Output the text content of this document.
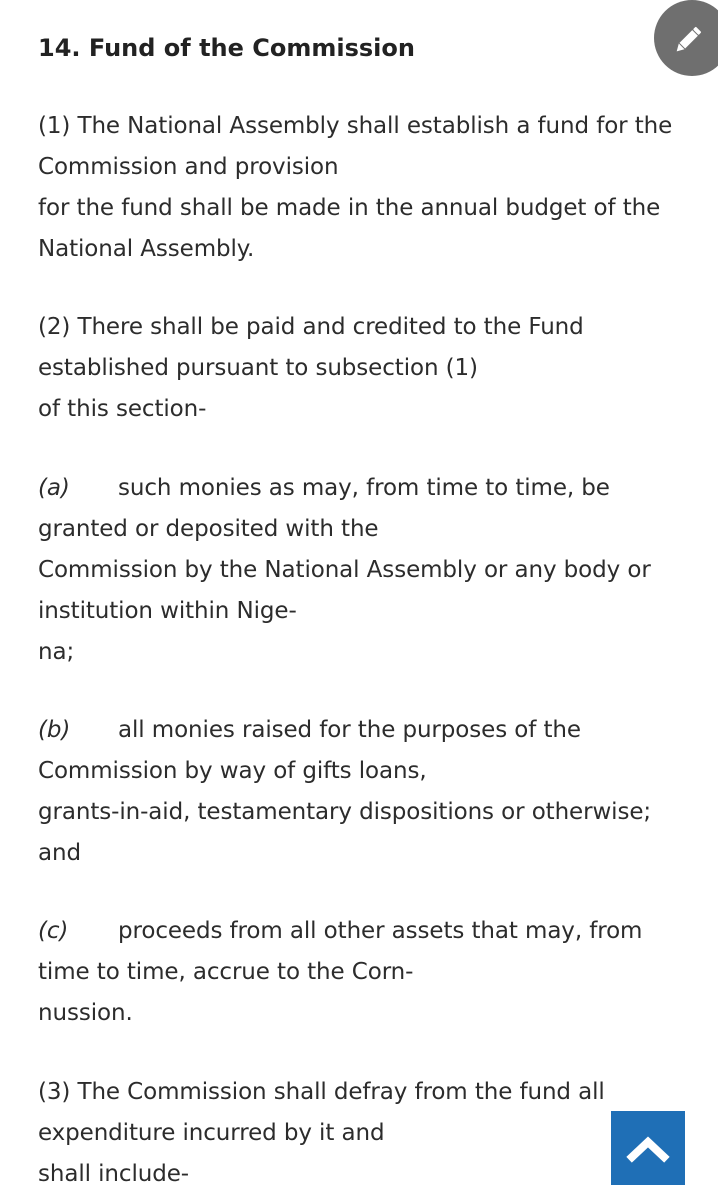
14. Fund of the Commission
(1) The National Assembly shall establish a fund for the
Commission and provision
for the fund shall be made in the annual budget of the
National Assembly.
(2) There shall be paid and credited to the Fund
established pursuant to subsection (1)
of this section-
(a) such monies as may, from time to time, be
granted or deposited with the
Commission by the National Assembly or any body or
institution within Nige-
na;
(b) all monies raised for the purposes of the
Commission by way of gifts loans,
grants-in-aid, testamentary dispositions or otherwise;
and
(c) proceeds from all other assets that may, from
time to time, accrue to the Corn-
nussion.
(3) The Commission shall defray from the fund all
expenditure incurred by it and
shall include-
